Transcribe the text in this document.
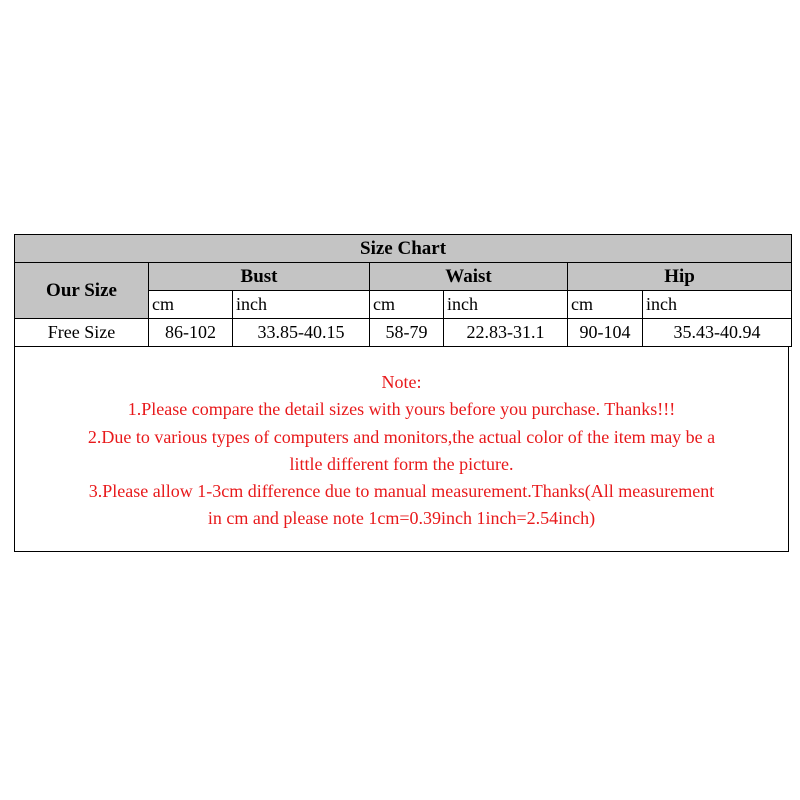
Size Chart						
Our Size	Bust		Waist		Hip	
	cm	inch	cm	inch	cm	inch
Free Size	86-102	33.85-40.15	58-79	22.83-31.1	90-104	35.43-40.94
Note:
1.Please compare the detail sizes with yours before you purchase. Thanks!!!
2.Due to various types of computers and monitors,the actual color of the item may be a
little different form the picture.
3.Please allow 1-3cm difference due to manual measurement.Thanks(All measurement
in cm and please note 1cm=0.39inch 1inch=2.54inch)
